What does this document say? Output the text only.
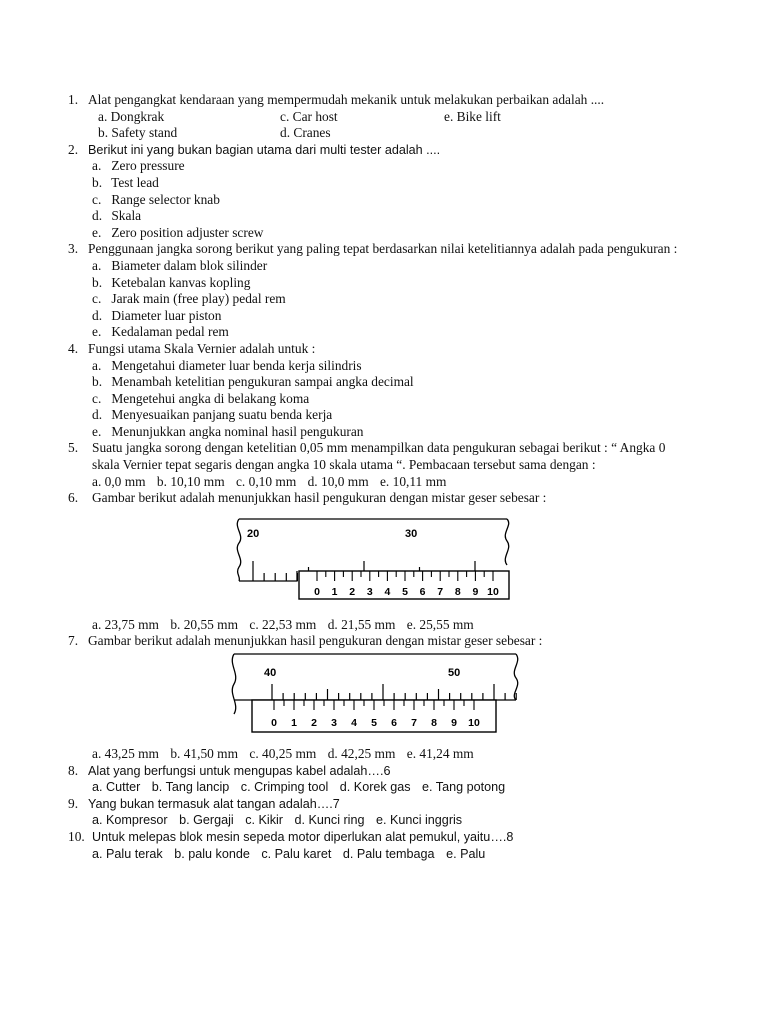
1. Alat pengangkat kendaraan yang mempermudah mekanik untuk melakukan perbaikan adalah ....
a. Dongkrak	c. Car host	e. Bike lift
b. Safety stand	d. Cranes
2. Berikut ini yang bukan bagian utama dari multi tester adalah ....
a. Zero pressure
b. Test lead
c. Range selector knab
d. Skala
e. Zero position adjuster screw
3. Penggunaan jangka sorong berikut yang paling tepat berdasarkan nilai ketelitiannya adalah pada pengukuran :
a. Biameter dalam blok silinder
b. Ketebalan kanvas kopling
c. Jarak main (free play) pedal rem
d. Diameter luar piston
e. Kedalaman pedal rem
4. Fungsi utama Skala Vernier adalah untuk :
a. Mengetahui diameter luar benda kerja silindris
b. Menambah ketelitian pengukuran sampai angka decimal
c. Mengetehui angka di belakang koma
d. Menyesuaikan panjang suatu benda kerja
e. Menunjukkan angka nominal hasil pengukuran
5.	Suatu jangka sorong dengan ketelitian 0,05 mm menampilkan data pengukuran sebagai berikut : “ Angka 0 skala Vernier tepat segaris dengan angka 10 skala utama “. Pembacaan tersebut sama dengan :
a. 0,0 mm b. 10,10 mm c. 0,10 mm d. 10,0 mm e. 10,11 mm
6.	Gambar berikut adalah menunjukkan hasil pengukuran dengan mistar geser sebesar :
20	30
0 1 2 3 4 5 6 7 8 9 10
a. 23,75 mm b. 20,55 mm c. 22,53 mm d. 21,55 mm e. 25,55 mm
7. Gambar berikut adalah menunjukkan hasil pengukuran dengan mistar geser sebesar :
40	50
0 1 2 3 4 5 6 7 8 9 10
a. 43,25 mm b. 41,50 mm c. 40,25 mm d. 42,25 mm e. 41,24 mm
8. Alat yang berfungsi untuk mengupas kabel adalah….6
a. Cutter b. Tang lancip c. Crimping tool d. Korek gas e. Tang potong
9. Yang bukan termasuk alat tangan adalah….7
a. Kompresor b. Gergaji c. Kikir d. Kunci ring e. Kunci inggris
10. Untuk melepas blok mesin sepeda motor diperlukan alat pemukul, yaitu….8
a. Palu terak b. palu konde c. Palu karet d. Palu tembaga e. Palu
